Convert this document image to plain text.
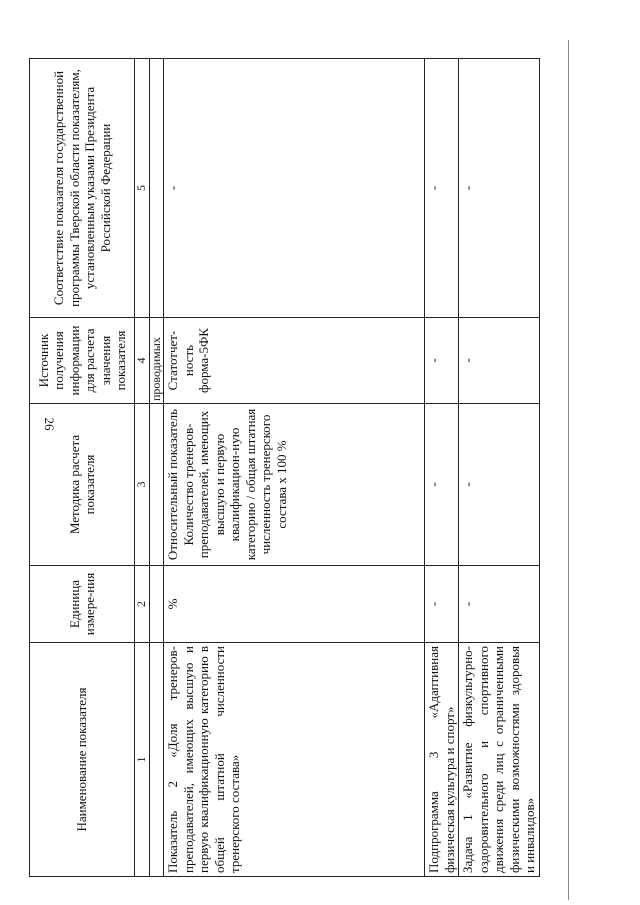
26
Наименование показателя	Единица измере-ния	Методика расчета показателя	Источник получения информации для расчета значения показателя	Соответствие показателя государственной программы Тверской области показателям, установленным указами Президента Российской Федерации
1	2	3	4	5
			проводимых	

Показатель 2 «Доля тренеров-преподавателей, имеющих высшую и первую квалификационную категорию в общей штатной численности тренерского состава»	%	Относительный показатель Количество тренеров-преподавателей, имеющих высшую и первую квалификацион-ную категорию / общая штатная численность тренерского состава х 100 %	Статотчет-ность форма-5ФК	-

Подпрограмма 3 «Адаптивная физическая культура и спорт»	-	-	-	-

Задача 1 «Развитие физкультурно-оздоровительного и спортивного движения среди лиц с ограниченными физическими возможностями здоровья и инвалидов»	-	-	-	-
